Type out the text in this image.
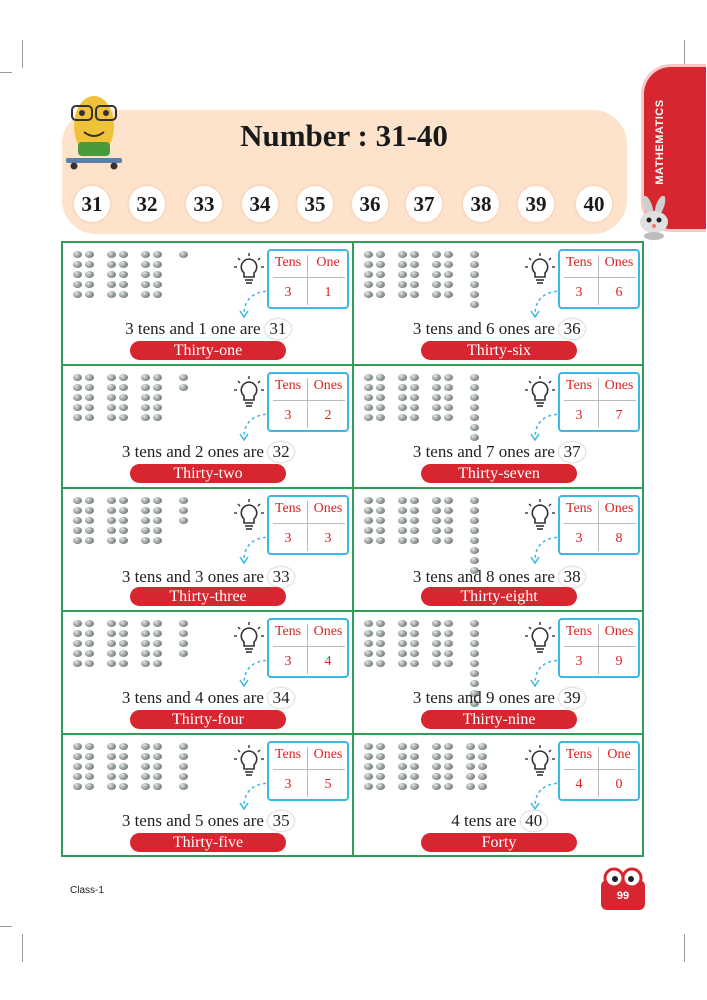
Number : 31-40
31	32	33	34	35	36	37	38	39	40
MATHEMATICS
Tens	One
3	1
3 tens and 1 one are 31
Thirty-one
Tens Ones
3	6
3 tens and 6 ones are 36
Thirty-six
Tens Ones
3	2
3 tens and 2 ones are 32
Thirty-two
Tens Ones
3	7
3 tens and 7 ones are 37
Thirty-seven
Tens Ones
3	3
3 tens and 3 ones are 33
Thirty-three
Tens Ones
3	8
3 tens and 8 ones are 38
Thirty-eight
Tens Ones
3	4
3 tens and 4 ones are 34
Thirty-four
Tens Ones
3	9
3 tens and 9 ones are 39
Thirty-nine
Tens Ones
3	5
3 tens and 5 ones are 35
Thirty-five
Tens	One
4	0
4 tens are 40
Forty
Class-1	99
